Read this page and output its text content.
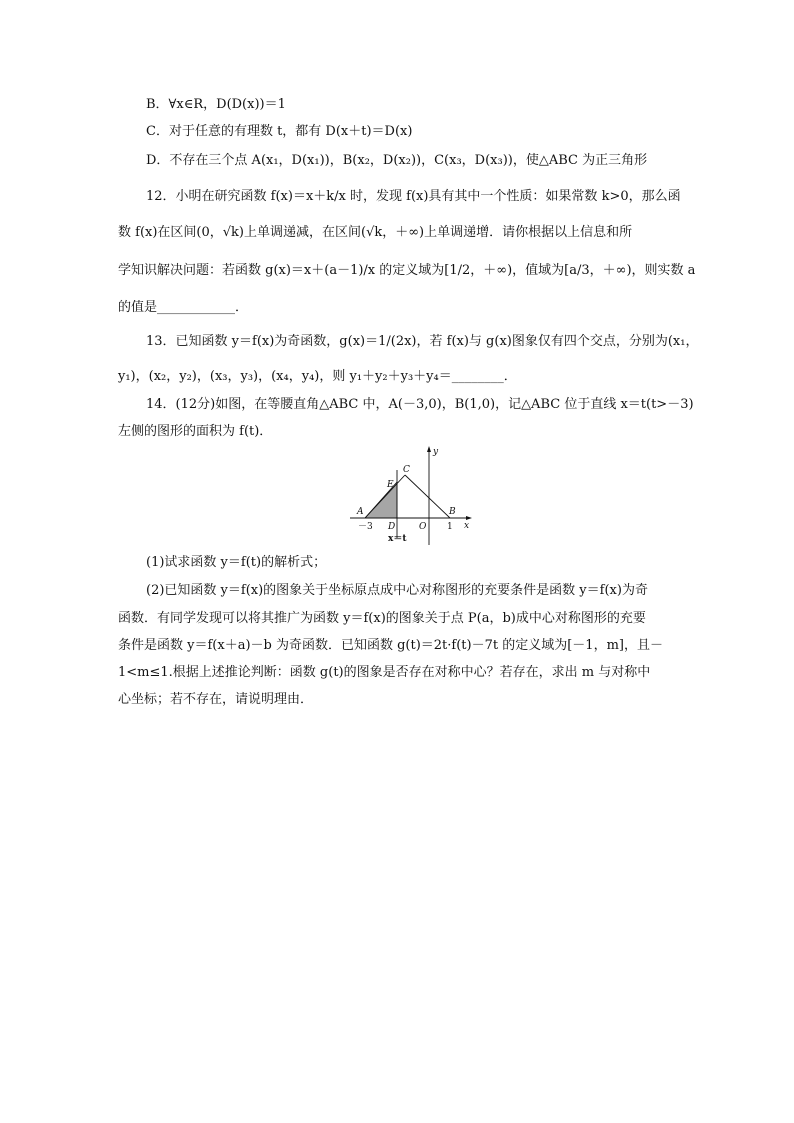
B．∀x∈R，D(D(x))＝1
C．对于任意的有理数 t，都有 D(x＋t)＝D(x)
D．不存在三个点 A(x₁，D(x₁))，B(x₂，D(x₂))，C(x₃，D(x₃))，使△ABC 为正三角形
12．小明在研究函数 f(x)＝x＋k/x 时，发现 f(x)具有其中一个性质：如果常数 k>0，那么函
数 f(x)在区间(0，√k)上单调递减，在区间(√k，＋∞)上单调递增．请你根据以上信息和所
学知识解决问题：若函数 g(x)＝x＋(a－1)/x 的定义域为[1/2，＋∞)，值域为[a/3，＋∞)，则实数 a
的值是____________．
13．已知函数 y＝f(x)为奇函数，g(x)＝1/(2x)，若 f(x)与 g(x)图象仅有四个交点，分别为(x₁，
y₁)，(x₂，y₂)，(x₃，y₃)，(x₄，y₄)，则 y₁＋y₂＋y₃＋y₄＝________．
14．(12分)如图，在等腰直角△ABC 中，A(－3,0)，B(1,0)，记△ABC 位于直线 x＝t(t>－3)
左侧的图形的面积为 f(t)．
y
x
A	B
C
E
D	O
－3	1
x＝t
(1)试求函数 y＝f(t)的解析式；
(2)已知函数 y＝f(x)的图象关于坐标原点成中心对称图形的充要条件是函数 y＝f(x)为奇
函数．有同学发现可以将其推广为函数 y＝f(x)的图象关于点 P(a，b)成中心对称图形的充要
条件是函数 y＝f(x＋a)－b 为奇函数．已知函数 g(t)＝2t·f(t)－7t 的定义域为[－1，m]，且－
1<m≤1.根据上述推论判断：函数 g(t)的图象是否存在对称中心？若存在，求出 m 与对称中
心坐标；若不存在，请说明理由．
